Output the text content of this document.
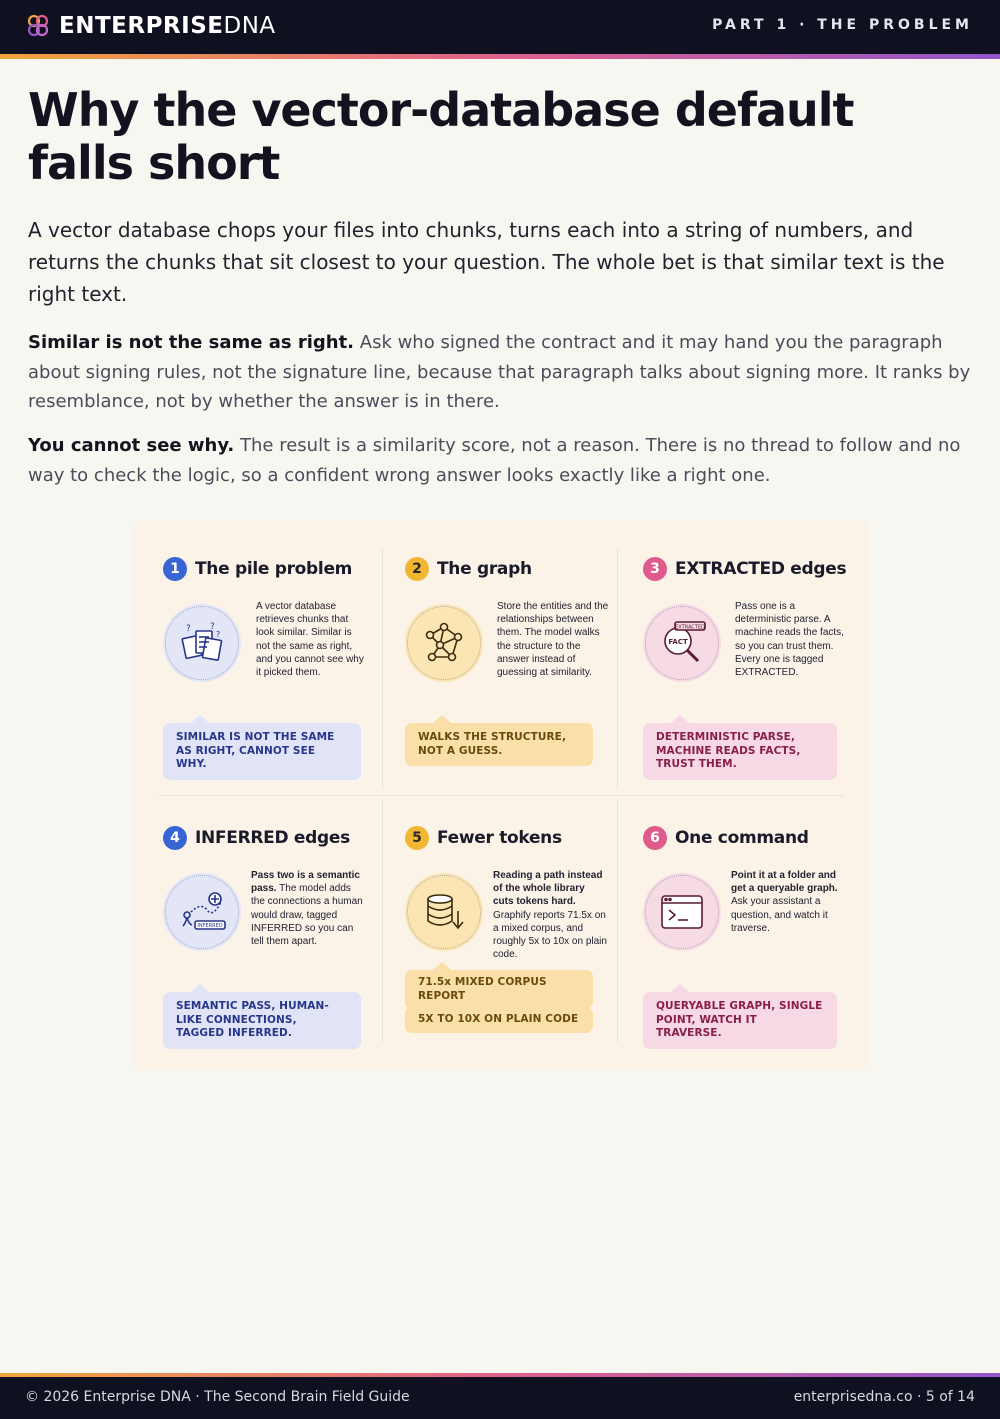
ENTERPRISEDNA	PART 1 · THE PROBLEM
Why the vector-database default falls short

A vector database chops your files into chunks, turns each into a string of numbers, and returns the chunks that sit closest to your question. The whole bet is that similar text is the right text.

Similar is not the same as right. Ask who signed the contract and it may hand you the paragraph about signing rules, not the signature line, because that paragraph talks about signing more. It ranks by resemblance, not by whether the answer is in there.

You cannot see why. The result is a similarity score, not a reason. There is no thread to follow and no way to check the logic, so a confident wrong answer looks exactly like a right one.

1 The pile problem
? ?
?
A vector database retrieves chunks that look similar. Similar is not the same as right, and you cannot see why it picked them.
SIMILAR IS NOT THE SAME AS RIGHT, CANNOT SEE WHY.
2 The graph
Store the entities and the relationships between them. The model walks the structure to the answer instead of guessing at similarity.
WALKS THE STRUCTURE, NOT A GUESS.
3 EXTRACTED edges
EXTRACTED
FACT
Pass one is a deterministic parse. A machine reads the facts, so you can trust them. Every one is tagged EXTRACTED.
DETERMINISTIC PARSE, MACHINE READS FACTS, TRUST THEM.
4 INFERRED edges
INFERRED
Pass two is a semantic pass. The model adds the connections a human would draw, tagged INFERRED so you can tell them apart.
SEMANTIC PASS, HUMAN-LIKE CONNECTIONS, TAGGED INFERRED.
5 Fewer tokens
Reading a path instead of the whole library cuts tokens hard. Graphify reports 71.5x on a mixed corpus, and roughly 5x to 10x on plain code.
71.5x MIXED CORPUS REPORT
5X TO 10X ON PLAIN CODE
6 One command
Point it at a folder and get a queryable graph. Ask your assistant a question, and watch it traverse.
QUERYABLE GRAPH, SINGLE POINT, WATCH IT TRAVERSE.
© 2026 Enterprise DNA · The Second Brain Field Guide	enterprisedna.co · 5 of 14
